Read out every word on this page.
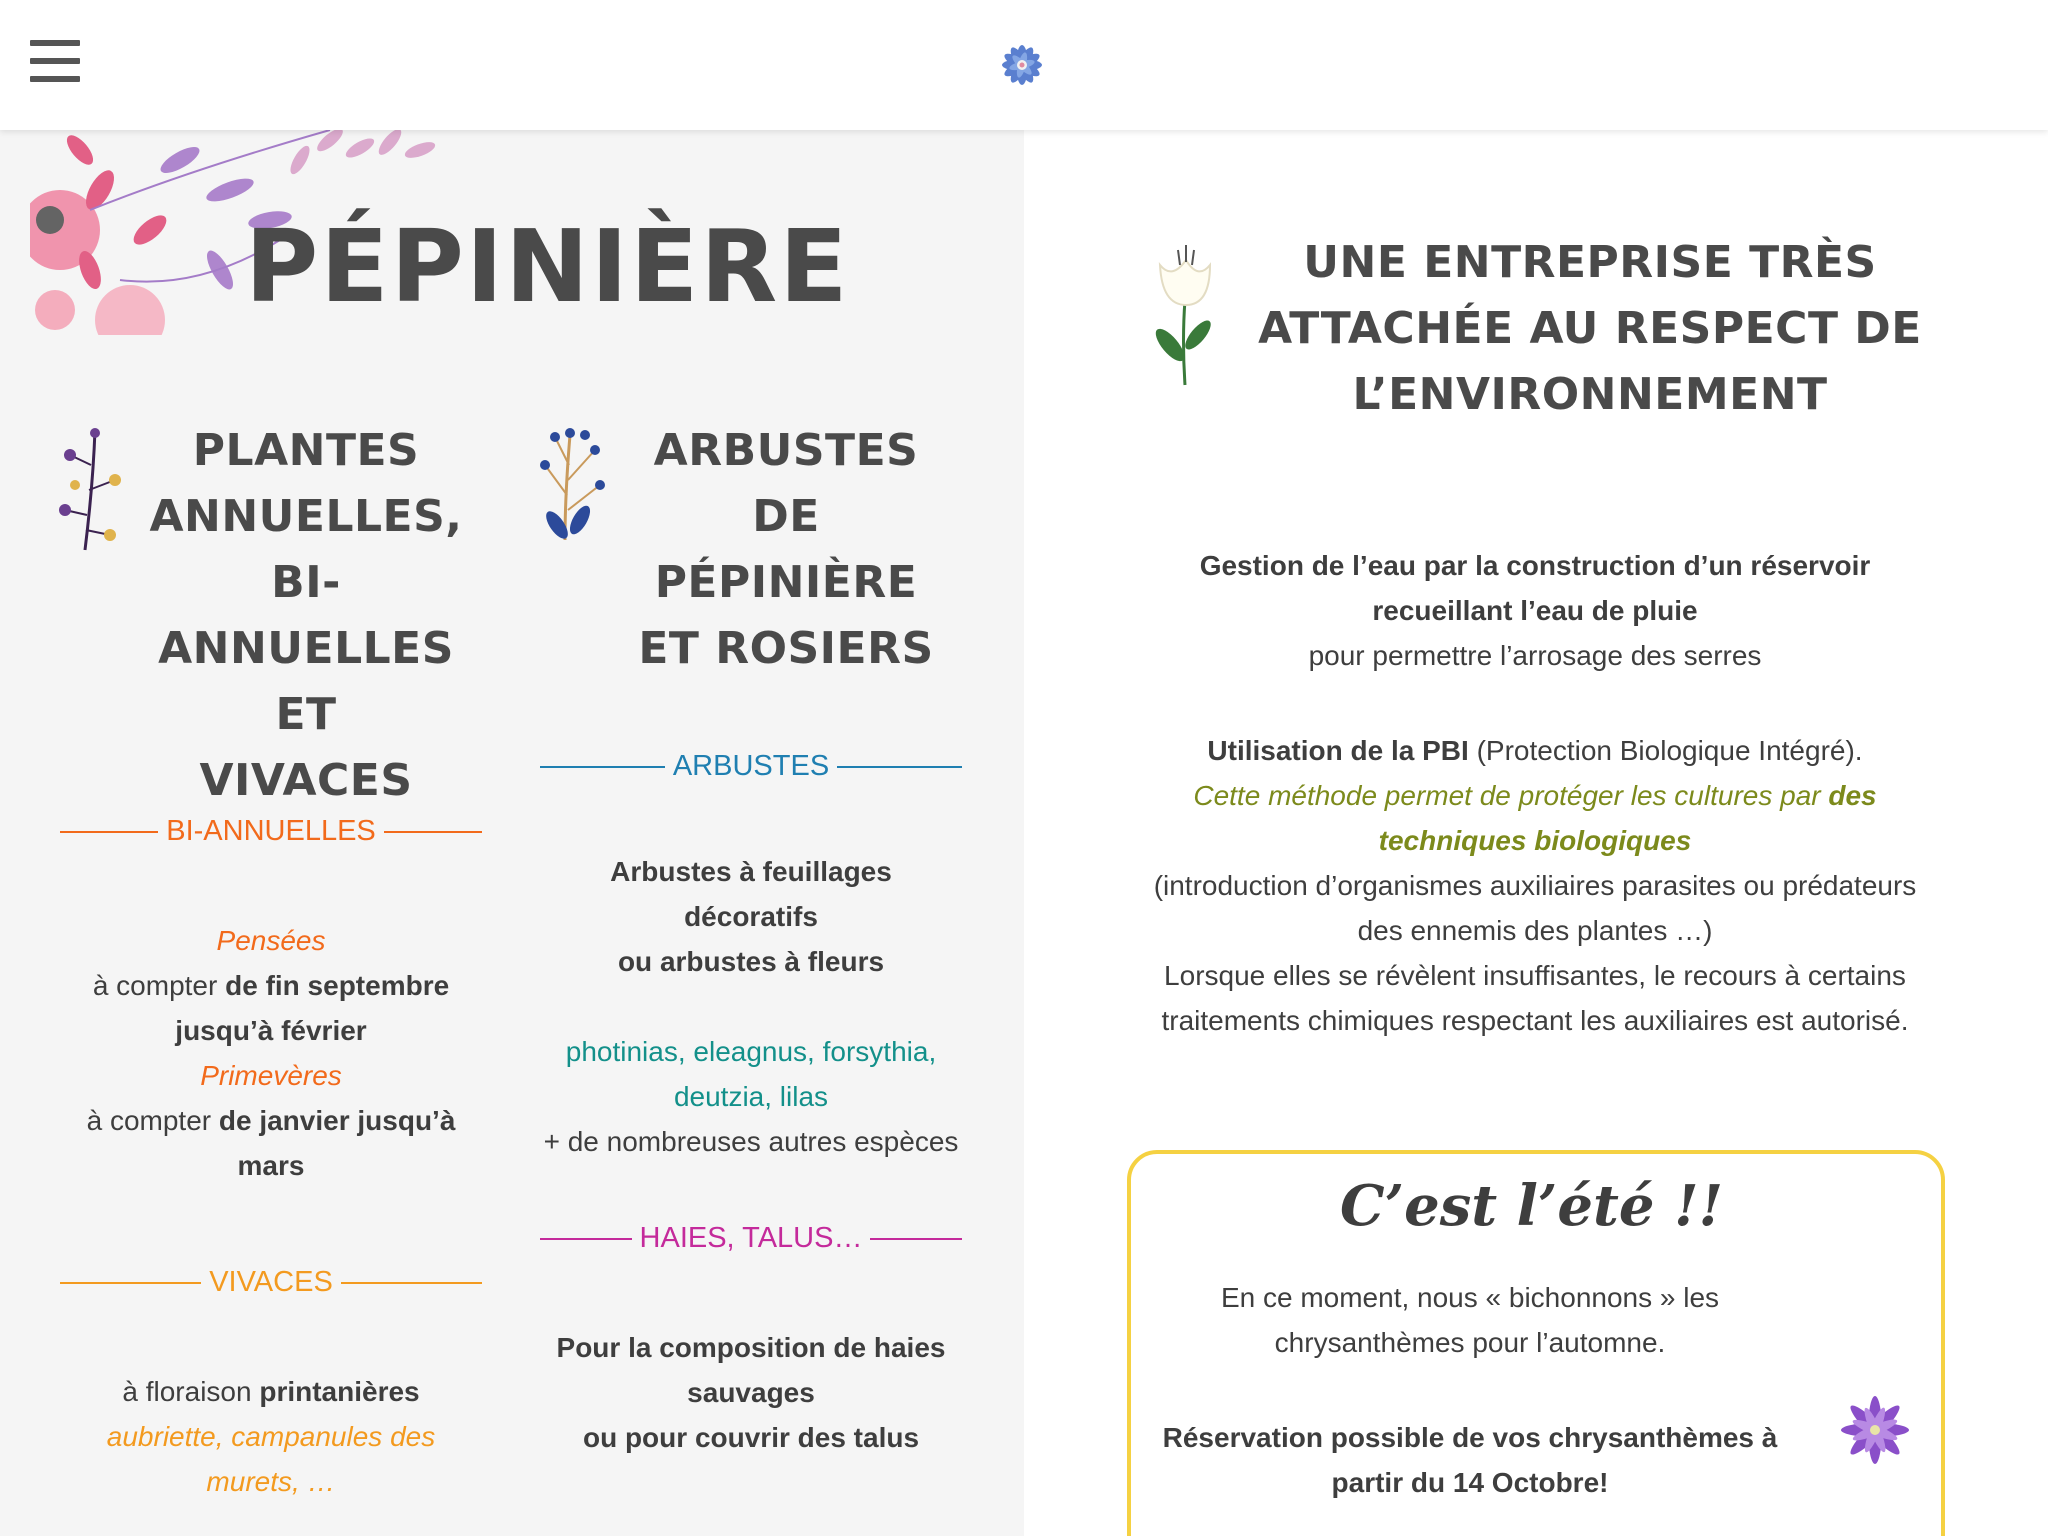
PÉPINIÈRE
PLANTES
ANNUELLES,
BI-
ANNUELLES ET
VIVACES
BI-ANNUELLES
Pensées
à compter de fin septembre jusqu’à février
Primevères
à compter de janvier jusqu’à mars
VIVACES
à floraison printanières
aubriette, campanules des murets, …
ARBUSTES
DE
PÉPINIÈRE
ET ROSIERS
ARBUSTES
Arbustes à feuillages décoratifs
ou arbustes à fleurs
photinias, eleagnus, forsythia, deutzia, lilas
+ de nombreuses autres espèces
HAIES, TALUS…
Pour la composition de haies sauvages
ou pour couvrir des talus
UNE ENTREPRISE TRÈS
ATTACHÉE AU RESPECT DE
L’ENVIRONNEMENT
Gestion de l’eau par la construction d’un réservoir recueillant l’eau de pluie
pour permettre l’arrosage des serres
Utilisation de la PBI (Protection Biologique Intégré).
Cette méthode permet de protéger les cultures par des techniques biologiques
(introduction d’organismes auxiliaires parasites ou prédateurs des ennemis des plantes …)
Lorsque elles se révèlent insuffisantes, le recours à certains traitements chimiques respectant les auxiliaires est autorisé.
C’est l’été !!
En ce moment, nous « bichonnons » les chrysanthèmes pour l’automne.
Réservation possible de vos chrysanthèmes à partir du 14 Octobre!
